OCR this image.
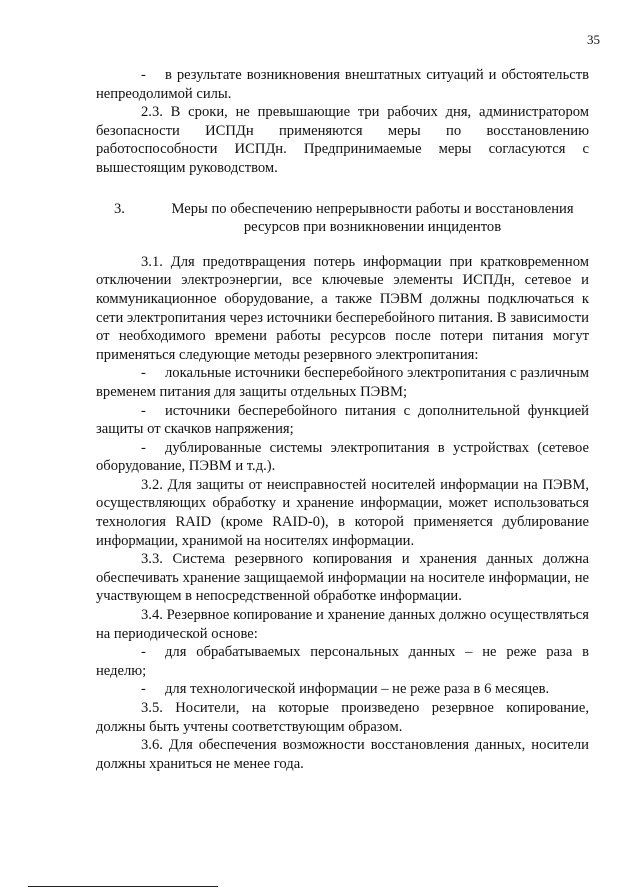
35

- в результате возникновения внештатных ситуаций и обстоятельств непреодолимой силы.

2.3. В сроки, не превышающие три рабочих дня, администратором безопасности ИСПДн применяются меры по восстановлению работоспособности ИСПДн. Предпринимаемые меры согласуются с вышестоящим руководством.

3.	Меры по обеспечению непрерывности работы и восстановления ресурсов при возникновении инцидентов

3.1. Для предотвращения потерь информации при кратковременном отключении электроэнергии, все ключевые элементы ИСПДн, сетевое и коммуникационное оборудование, а также ПЭВМ должны подключаться к сети электропитания через источники бесперебойного питания. В зависимости от необходимого времени работы ресурсов после потери питания могут применяться следующие методы резервного электропитания:

- локальные источники бесперебойного электропитания с различным временем питания для защиты отдельных ПЭВМ;

- источники бесперебойного питания с дополнительной функцией защиты от скачков напряжения;

- дублированные системы электропитания в устройствах (сетевое оборудование, ПЭВМ и т.д.).

3.2. Для защиты от неисправностей носителей информации на ПЭВМ, осуществляющих обработку и хранение информации, может использоваться технология RAID (кроме RAID-0), в которой применяется дублирование информации, хранимой на носителях информации.

3.3. Система резервного копирования и хранения данных должна обеспечивать хранение защищаемой информации на носителе информации, не участвующем в непосредственной обработке информации.

3.4. Резервное копирование и хранение данных должно осуществляться на периодической основе:

- для обрабатываемых персональных данных – не реже раза в неделю;

- для технологической информации – не реже раза в 6 месяцев.

3.5. Носители, на которые произведено резервное копирование, должны быть учтены соответствующим образом.

3.6. Для обеспечения возможности восстановления данных, носители должны храниться не менее года.
